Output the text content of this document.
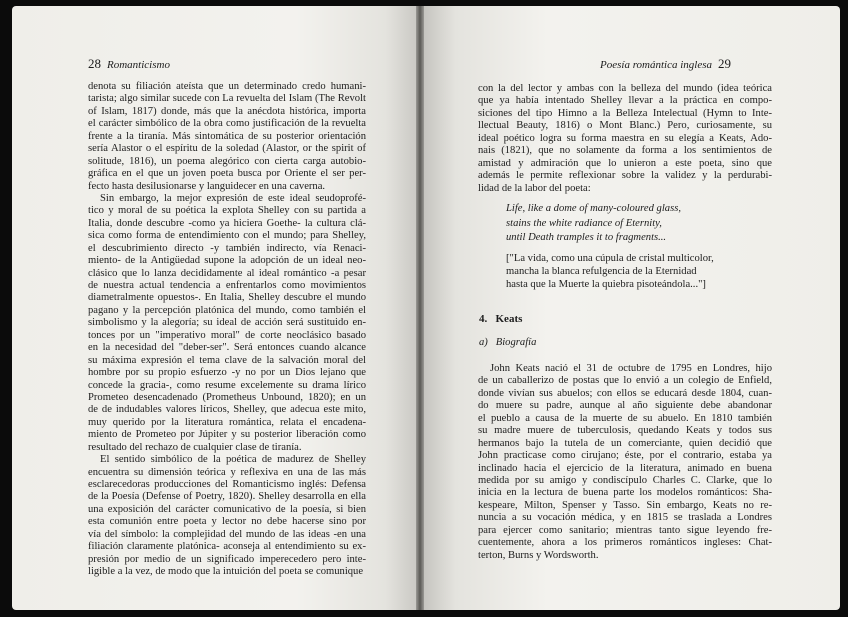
28 Romanticismo	Poesía romántica inglesa 29
denota su filiación ateísta que un determinado credo humani-
tarista; algo similar sucede con La revuelta del Islam (The Revolt
of Islam, 1817) donde, más que la anécdota histórica, importa
el carácter simbólico de la obra como justificación de la revuelta
frente a la tiranía. Más sintomática de su posterior orientación
sería Alastor o el espíritu de la soledad (Alastor, or the spirit of
solitude, 1816), un poema alegórico con cierta carga autobio-
gráfica en el que un joven poeta busca por Oriente el ser per-
fecto hasta desilusionarse y languidecer en una caverna.
Sin embargo, la mejor expresión de este ideal seudoprofé-
tico y moral de su poética la explota Shelley con su partida a
Italia, donde descubre -como ya hiciera Goethe- la cultura clá-
sica como forma de entendimiento con el mundo; para Shelley,
el descubrimiento directo -y también indirecto, vía Renaci-
miento- de la Antigüedad supone la adopción de un ideal neo-
clásico que lo lanza decididamente al ideal romántico -a pesar
de nuestra actual tendencia a enfrentarlos como movimientos
diametralmente opuestos-. En Italia, Shelley descubre el mundo
pagano y la percepción platónica del mundo, como también el
simbolismo y la alegoría; su ideal de acción será sustituido en-
tonces por un "imperativo moral" de corte neoclásico basado
en la necesidad del "deber-ser". Será entonces cuando alcance
su máxima expresión el tema clave de la salvación moral del
hombre por su propio esfuerzo -y no por un Dios lejano que
concede la gracia-, como resume excelemente su drama lírico
Prometeo desencadenado (Prometheus Unbound, 1820); en un
de de indudables valores líricos, Shelley, que adecua este mito,
muy querido por la literatura romántica, relata el encadena-
miento de Prometeo por Júpiter y su posterior liberación como
resultado del rechazo de cualquier clase de tiranía.
El sentido simbólico de la poética de madurez de Shelley
encuentra su dimensión teórica y reflexiva en una de las más
esclarecedoras producciones del Romanticismo inglés: Defensa
de la Poesía (Defense of Poetry, 1820). Shelley desarrolla en ella
una exposición del carácter comunicativo de la poesía, si bien
esta comunión entre poeta y lector no debe hacerse sino por
vía del símbolo: la complejidad del mundo de las ideas -en una
filiación claramente platónica- aconseja al entendimiento su ex-
presión por medio de un significado imperecedero pero inte-
ligible a la vez, de modo que la intuición del poeta se comunique
con la del lector y ambas con la belleza del mundo (idea teórica
que ya había intentado Shelley llevar a la práctica en compo-
siciones del tipo Himno a la Belleza Intelectual (Hymn to Inte-
llectual Beauty, 1816) o Mont Blanc.) Pero, curiosamente, su
ideal poético logra su forma maestra en su elegía a Keats, Ado-
nais (1821), que no solamente da forma a los sentimientos de
amistad y admiración que lo unieron a este poeta, sino que
además le permite reflexionar sobre la validez y la perdurabi-
lidad de la labor del poeta:
Life, like a dome of many-coloured glass,
stains the white radiance of Eternity,
until Death tramples it to fragments...
["La vida, como una cúpula de cristal multicolor,
mancha la blanca refulgencia de la Eternidad
hasta que la Muerte la quiebra pisoteándola..."]
4.   Keats
a)   Biografía
John Keats nació el 31 de octubre de 1795 en Londres, hijo
de un caballerizo de postas que lo envió a un colegio de Enfield,
donde vivían sus abuelos; con ellos se educará desde 1804, cuan-
do muere su padre, aunque al año siguiente debe abandonar
el pueblo a causa de la muerte de su abuelo. En 1810 también
su madre muere de tuberculosis, quedando Keats y todos sus
hermanos bajo la tutela de un comerciante, quien decidió que
John practicase como cirujano; éste, por el contrario, estaba ya
inclinado hacia el ejercicio de la literatura, animado en buena
medida por su amigo y condiscípulo Charles C. Clarke, que lo
inicia en la lectura de buena parte los modelos románticos: Sha-
kespeare, Milton, Spenser y Tasso. Sin embargo, Keats no re-
nuncia a su vocación médica, y en 1815 se traslada a Londres
para ejercer como sanitario; mientras tanto sigue leyendo fre-
cuentemente, ahora a los primeros románticos ingleses: Chat-
terton, Burns y Wordsworth.
